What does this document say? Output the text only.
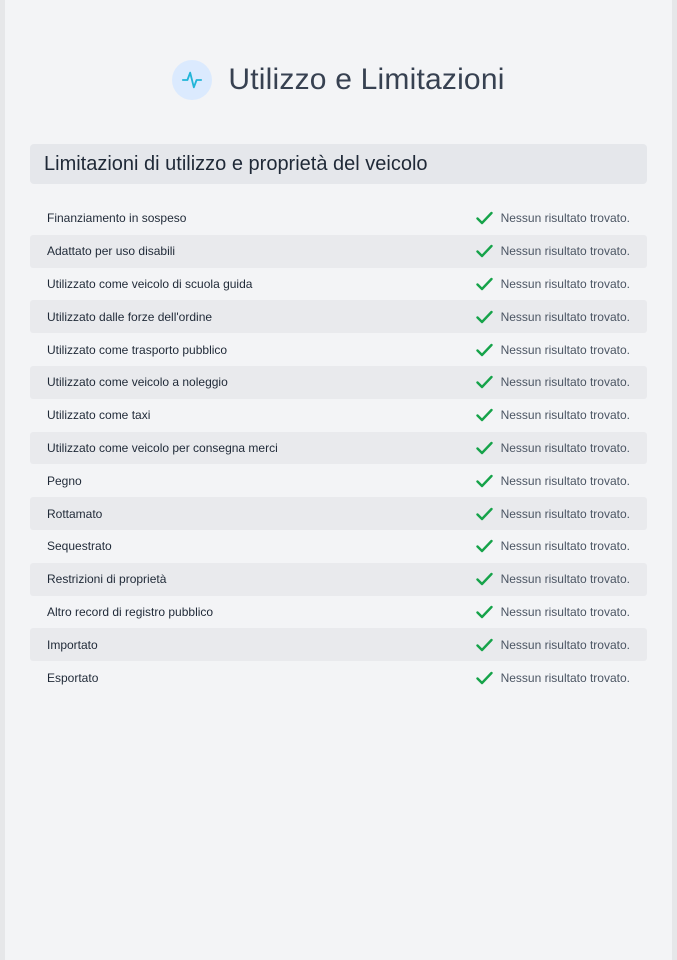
Utilizzo e Limitazioni
Limitazioni di utilizzo e proprietà del veicolo
Finanziamento in sospeso	Nessun risultato trovato.
Adattato per uso disabili	Nessun risultato trovato.
Utilizzato come veicolo di scuola guida	Nessun risultato trovato.
Utilizzato dalle forze dell'ordine	Nessun risultato trovato.
Utilizzato come trasporto pubblico	Nessun risultato trovato.
Utilizzato come veicolo a noleggio	Nessun risultato trovato.
Utilizzato come taxi	Nessun risultato trovato.
Utilizzato come veicolo per consegna merci	Nessun risultato trovato.
Pegno	Nessun risultato trovato.
Rottamato	Nessun risultato trovato.
Sequestrato	Nessun risultato trovato.
Restrizioni di proprietà	Nessun risultato trovato.
Altro record di registro pubblico	Nessun risultato trovato.
Importato	Nessun risultato trovato.
Esportato	Nessun risultato trovato.
